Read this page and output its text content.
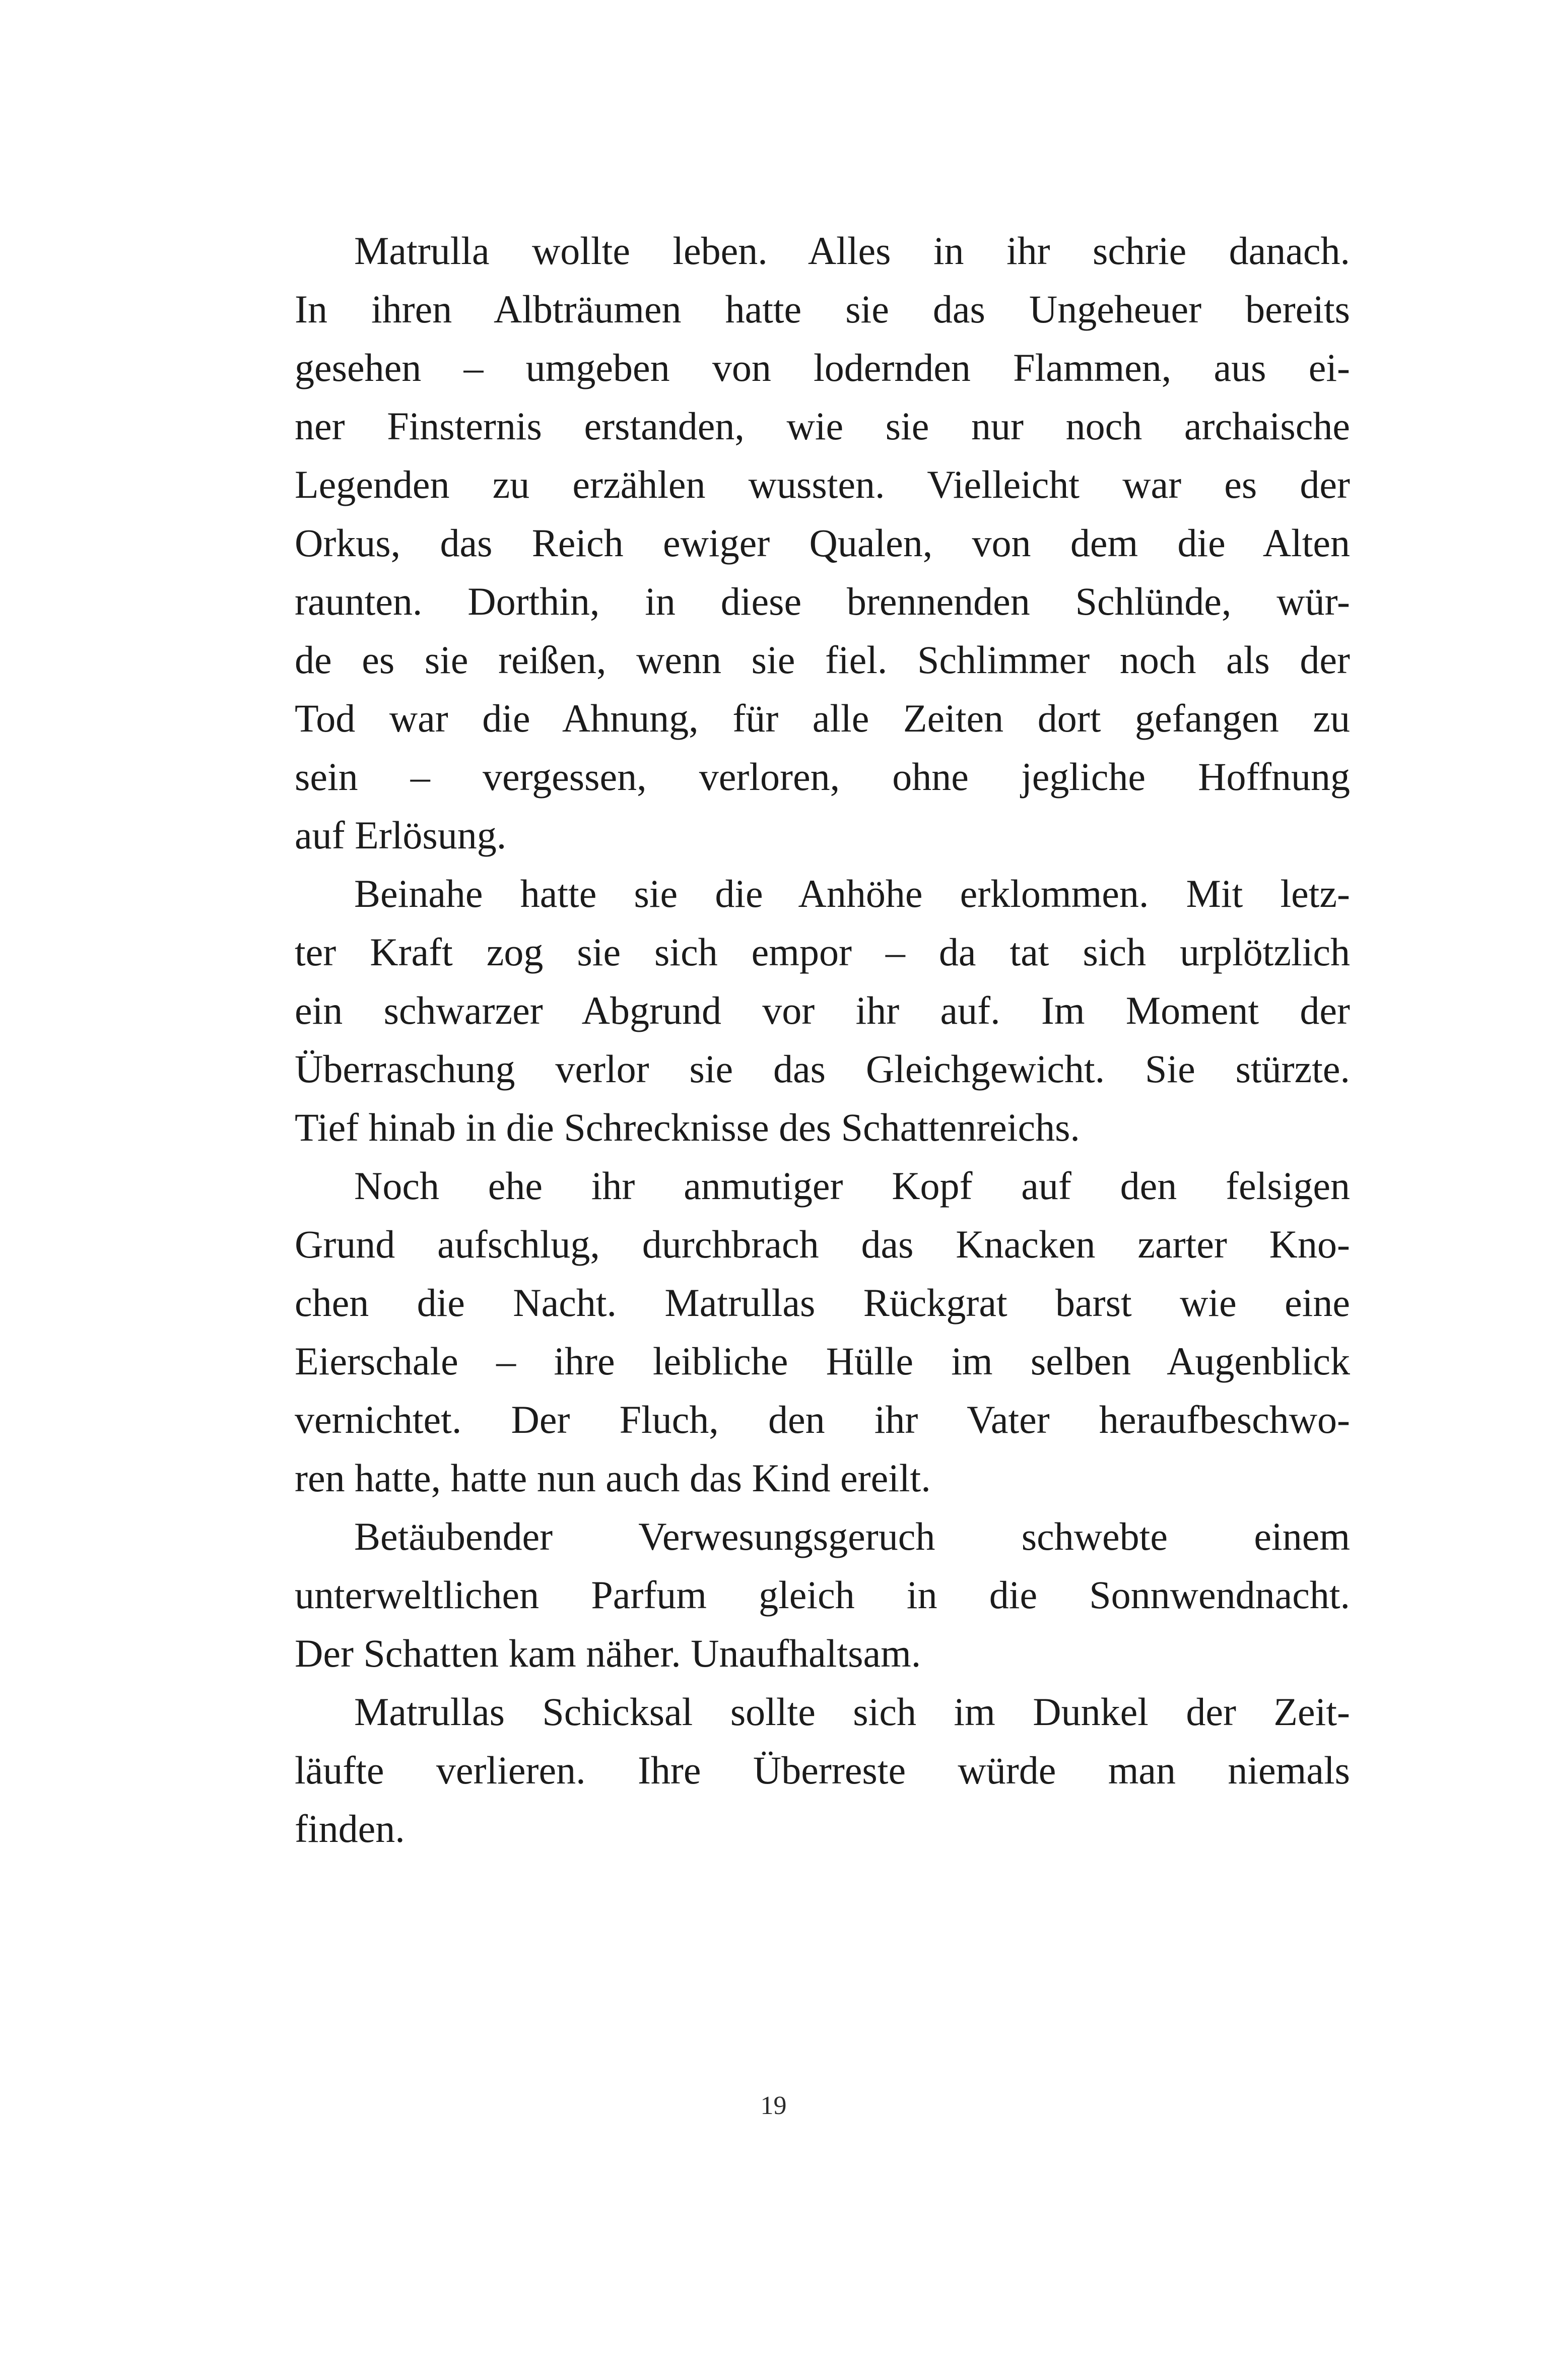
Matrulla wollte leben. Alles in ihr schrie danach.
In ihren Albträumen hatte sie das Ungeheuer bereits
gesehen – umgeben von lodernden Flammen, aus ei-
ner Finsternis erstanden, wie sie nur noch archaische
Legenden zu erzählen wussten. Vielleicht war es der
Orkus, das Reich ewiger Qualen, von dem die Alten
raunten. Dorthin, in diese brennenden Schlünde, wür-
de es sie reißen, wenn sie fiel. Schlimmer noch als der
Tod war die Ahnung, für alle Zeiten dort gefangen zu
sein – vergessen, verloren, ohne jegliche Hoffnung
auf Erlösung.

Beinahe hatte sie die Anhöhe erklommen. Mit letz-
ter Kraft zog sie sich empor – da tat sich urplötzlich
ein schwarzer Abgrund vor ihr auf. Im Moment der
Überraschung verlor sie das Gleichgewicht. Sie stürzte.
Tief hinab in die Schrecknisse des Schattenreichs.

Noch ehe ihr anmutiger Kopf auf den felsigen
Grund aufschlug, durchbrach das Knacken zarter Kno-
chen die Nacht. Matrullas Rückgrat barst wie eine
Eierschale – ihre leibliche Hülle im selben Augenblick
vernichtet. Der Fluch, den ihr Vater heraufbeschwo-
ren hatte, hatte nun auch das Kind ereilt.

Betäubender Verwesungsgeruch schwebte einem
unterweltlichen Parfum gleich in die Sonnwendnacht.
Der Schatten kam näher. Unaufhaltsam.

Matrullas Schicksal sollte sich im Dunkel der Zeit-
läufte verlieren. Ihre Überreste würde man niemals
finden.

19
